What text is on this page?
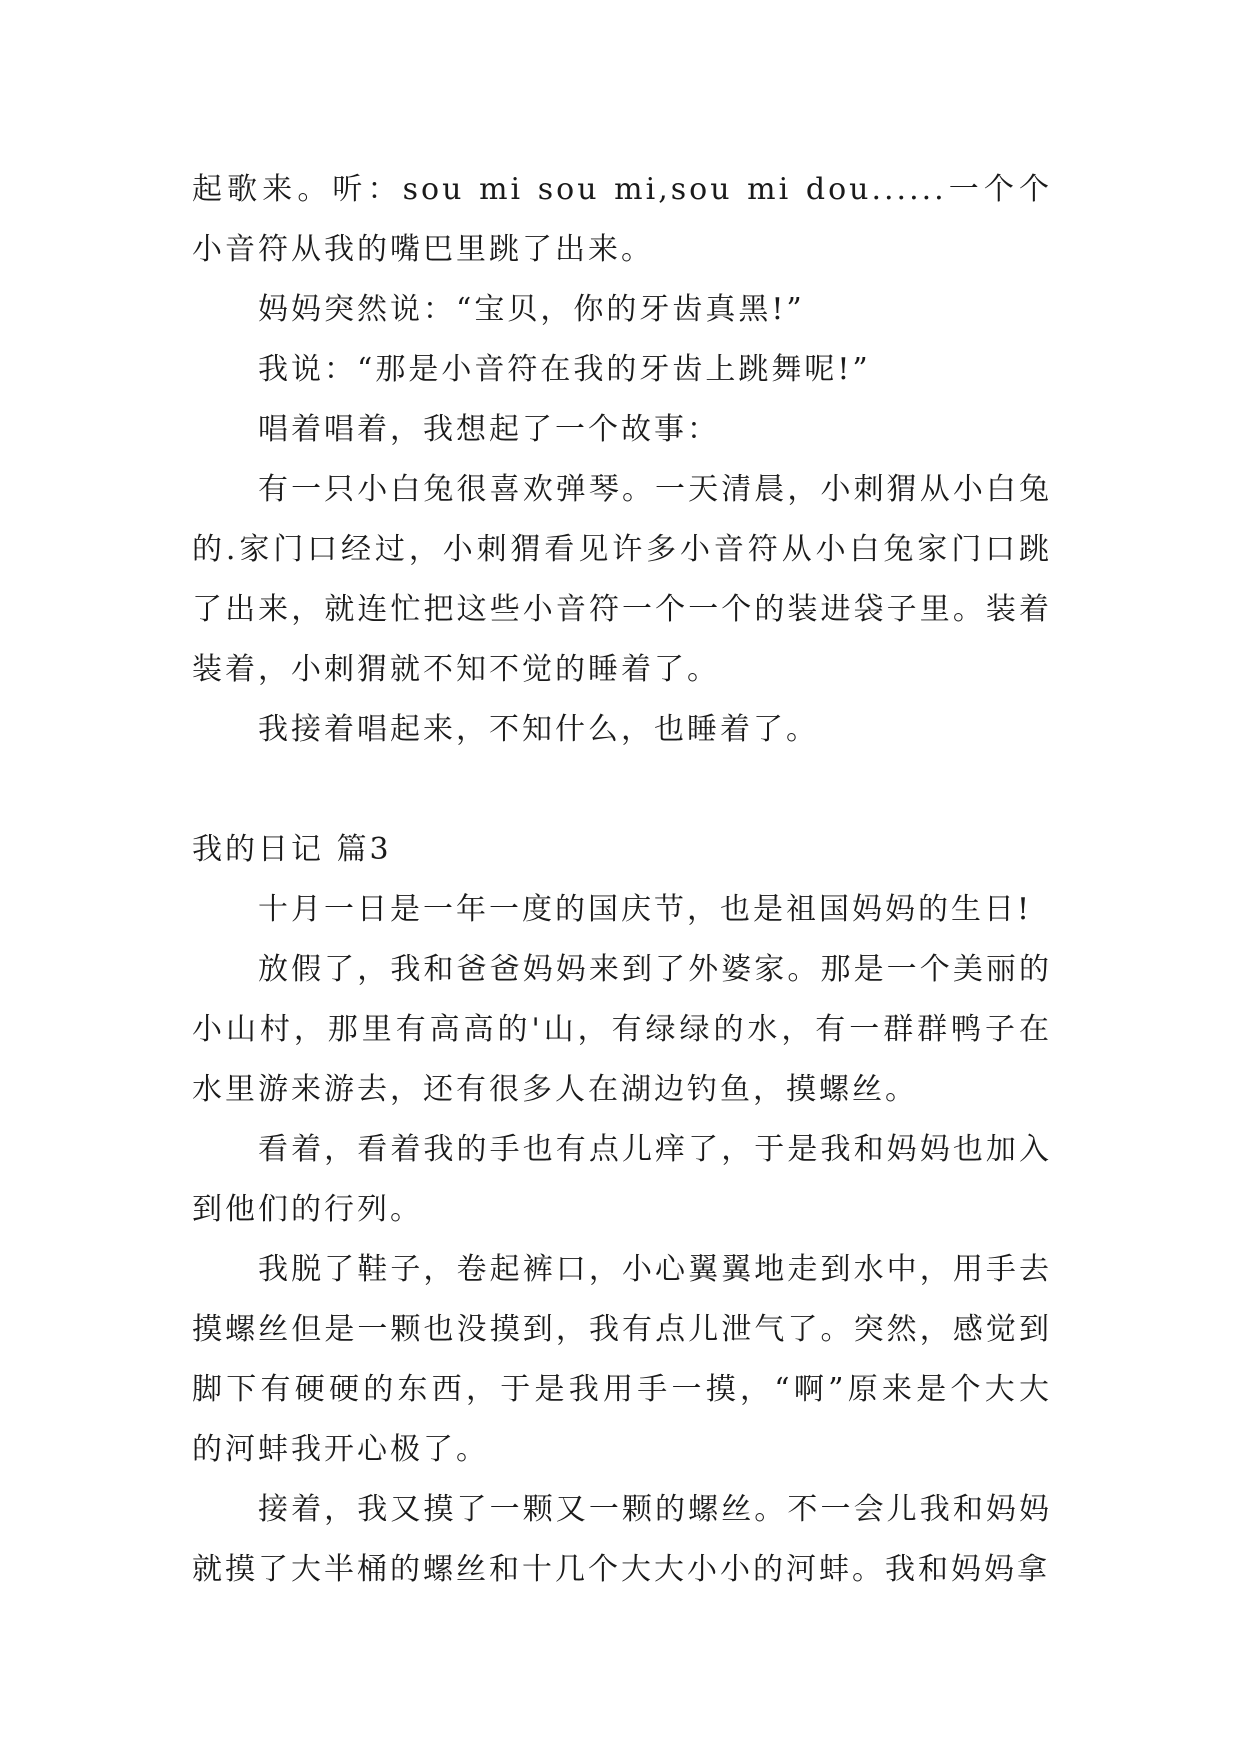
起歌来。听：sou mi sou mi,sou mi dou......一个个小音符从我的嘴巴里跳了出来。

妈妈突然说：“宝贝，你的牙齿真黑!”

我说：“那是小音符在我的牙齿上跳舞呢!”

唱着唱着，我想起了一个故事：

有一只小白兔很喜欢弹琴。一天清晨，小刺猬从小白兔的.家门口经过，小刺猬看见许多小音符从小白兔家门口跳了出来，就连忙把这些小音符一个一个的装进袋子里。装着装着，小刺猬就不知不觉的睡着了。

我接着唱起来，不知什么，也睡着了。

我的日记 篇3

十月一日是一年一度的国庆节，也是祖国妈妈的生日!

放假了，我和爸爸妈妈来到了外婆家。那是一个美丽的小山村，那里有高高的'山，有绿绿的水，有一群群鸭子在水里游来游去，还有很多人在湖边钓鱼，摸螺丝。

看着，看着我的手也有点儿痒了，于是我和妈妈也加入到他们的行列。

我脱了鞋子，卷起裤口，小心翼翼地走到水中，用手去摸螺丝但是一颗也没摸到，我有点儿泄气了。突然，感觉到脚下有硬硬的东西，于是我用手一摸，“啊”原来是个大大的河蚌我开心极了。

接着，我又摸了一颗又一颗的螺丝。不一会儿我和妈妈就摸了大半桶的螺丝和十几个大大小小的河蚌。我和妈妈拿
